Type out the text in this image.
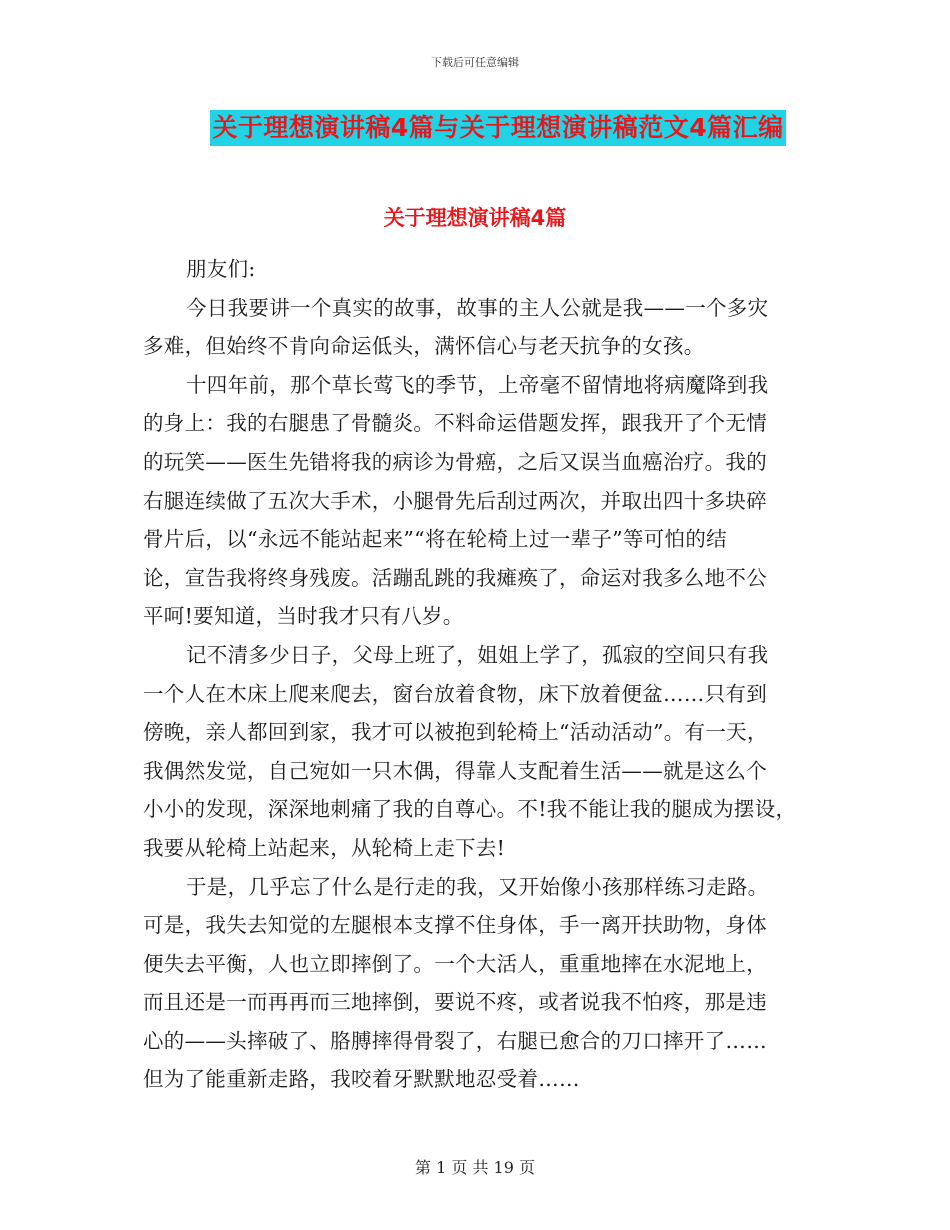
下载后可任意编辑
关于理想演讲稿4篇与关于理想演讲稿范文4篇汇编
关于理想演讲稿4篇
朋友们:
今日我要讲一个真实的故事，故事的主人公就是我——一个多灾
多难，但始终不肯向命运低头，满怀信心与老天抗争的女孩。
十四年前，那个草长莺飞的季节，上帝毫不留情地将病魔降到我
的身上：我的右腿患了骨髓炎。不料命运借题发挥，跟我开了个无情
的玩笑——医生先错将我的病诊为骨癌，之后又误当血癌治疗。我的
右腿连续做了五次大手术，小腿骨先后刮过两次，并取出四十多块碎
骨片后，以“永远不能站起来”“将在轮椅上过一辈子”等可怕的结
论，宣告我将终身残废。活蹦乱跳的我瘫痪了，命运对我多么地不公
平呵!要知道，当时我才只有八岁。
记不清多少日子，父母上班了，姐姐上学了，孤寂的空间只有我
一个人在木床上爬来爬去，窗台放着食物，床下放着便盆……只有到
傍晚，亲人都回到家，我才可以被抱到轮椅上“活动活动”。有一天，
我偶然发觉，自己宛如一只木偶，得靠人支配着生活——就是这么个
小小的发现，深深地刺痛了我的自尊心。不!我不能让我的腿成为摆设，
我要从轮椅上站起来，从轮椅上走下去!
于是，几乎忘了什么是行走的我，又开始像小孩那样练习走路。
可是，我失去知觉的左腿根本支撑不住身体，手一离开扶助物，身体
便失去平衡，人也立即摔倒了。一个大活人，重重地摔在水泥地上，
而且还是一而再再而三地摔倒，要说不疼，或者说我不怕疼，那是违
心的——头摔破了、胳膊摔得骨裂了，右腿已愈合的刀口摔开了……
但为了能重新走路，我咬着牙默默地忍受着……
第 1 页 共 19 页
